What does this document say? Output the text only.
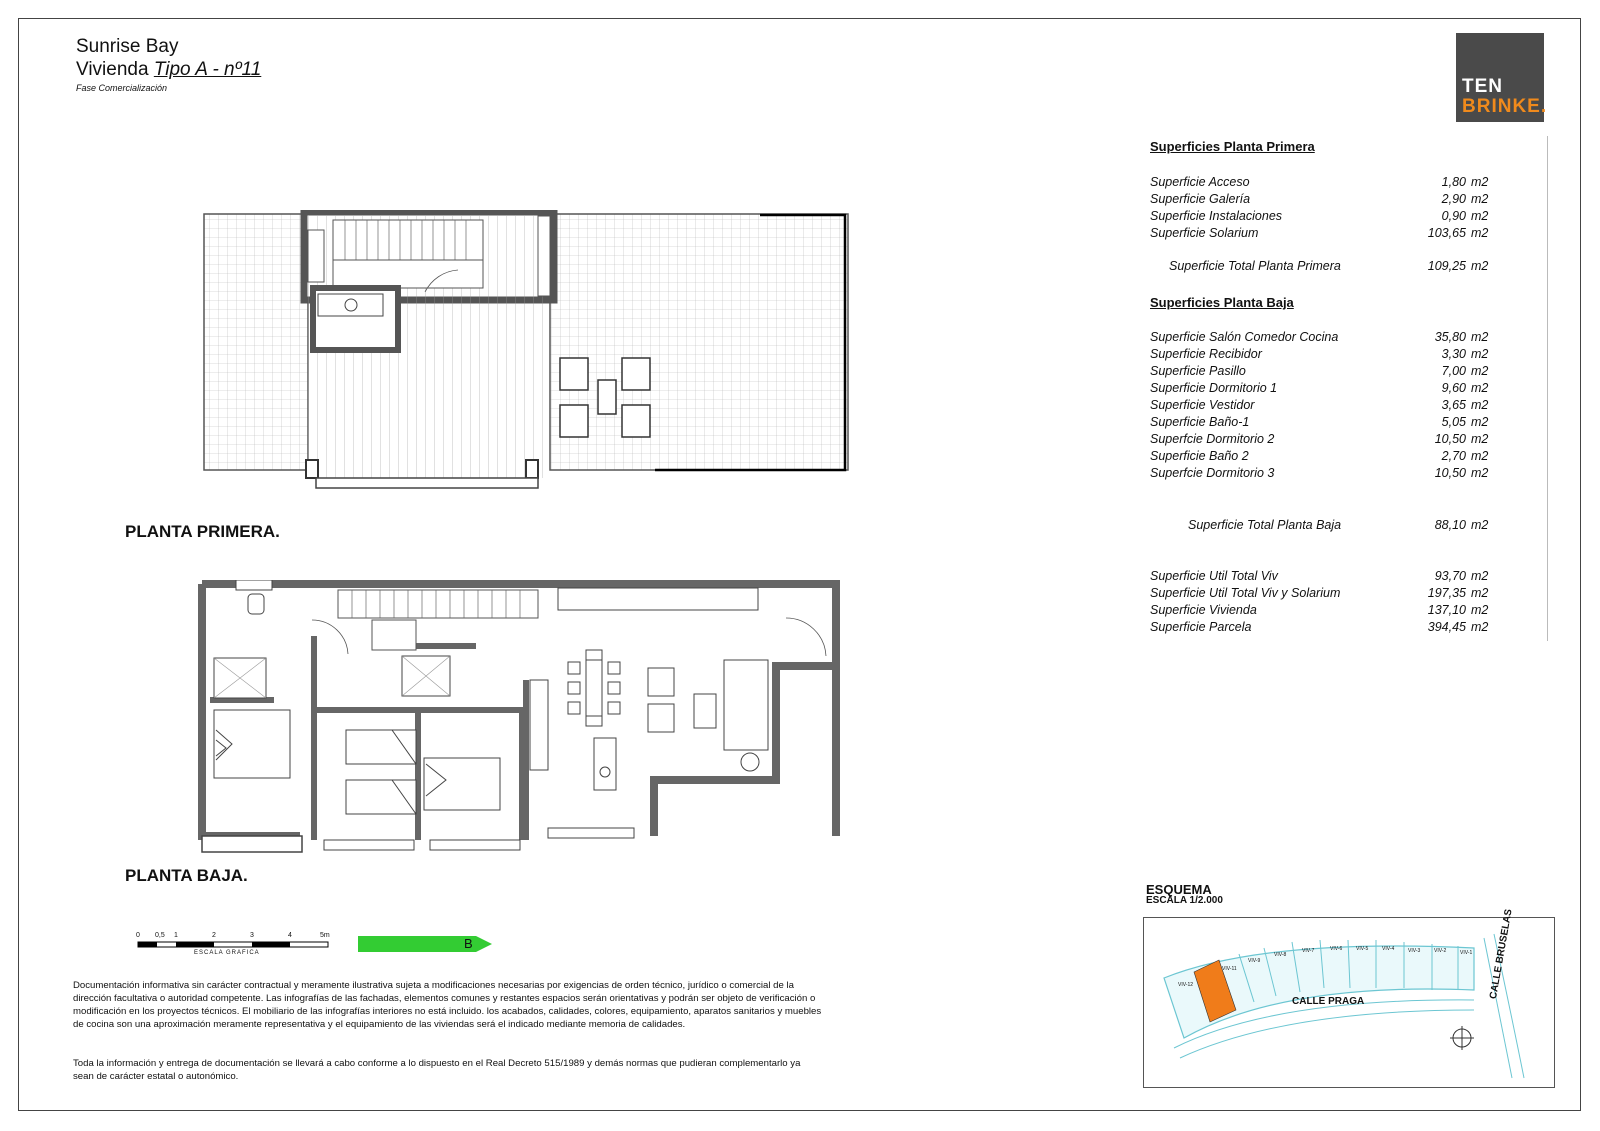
Sunrise Bay
Vivienda Tipo A - nº11
Fase Comercialización	TEN
BRINKE.
Superficies Planta Primera
Superficie Acceso	1,80 m2
Superficie Galería	2,90 m2
Superficie Instalaciones	0,90 m2
Superficie Solarium	103,65 m2
Superficie Total Planta Primera	109,25 m2
Superficies Planta Baja
Superficie Salón Comedor Cocina	35,80 m2
Superficie Recibidor	3,30 m2
Superficie Pasillo	7,00 m2
Superficie Dormitorio 1	9,60 m2
Superficie Vestidor	3,65 m2
Superficie Baño-1	5,05 m2
Superfcie Dormitorio 2	10,50 m2
Superficie Baño 2	2,70 m2
Superfcie Dormitorio 3	10,50 m2
Superficie Total Planta Baja	88,10 m2
Superficie Util Total Viv	93,70 m2
Superficie Util Total Viv y Solarium	197,35 m2
Superficie Vivienda	137,10 m2
Superficie Parcela	394,45 m2
PLANTA PRIMERA.
PLANTA BAJA.
0 0,5 1	2	3	4	5m
ESCALA GRAFICA
B
Documentación informativa sin carácter contractual y meramente ilustrativa sujeta a modificaciones necesarias por exigencias de orden técnico, jurídico o comercial de la dirección facultativa o autoridad competente. Las infografías de las fachadas, elementos comunes y restantes espacios serán orientativas y podrán ser objeto de verificación o modificación en los proyectos técnicos. El mobiliario de las infografías interiores no está incluido. los acabados, calidades, colores, equipamiento, aparatos sanitarios y muebles de cocina son una aproximación meramente representativa y el equipamiento de las viviendas será el indicado mediante memoria de calidades.
Toda la información y entrega de documentación se llevará a cabo conforme a lo dispuesto en el Real Decreto 515/1989 y demás normas que pudieran complementarlo ya sean de carácter estatal o autonómico.
ESQUEMA
ESCALA 1/2.000
VIV-12
VIV-11
VIV-9
VIV-8
VIV-7	VIV-6	VIV-5	VIV-4	VIV-3	VIV-2	VIV-1
CALLE PRAGA
CALLE BRUSELAS
